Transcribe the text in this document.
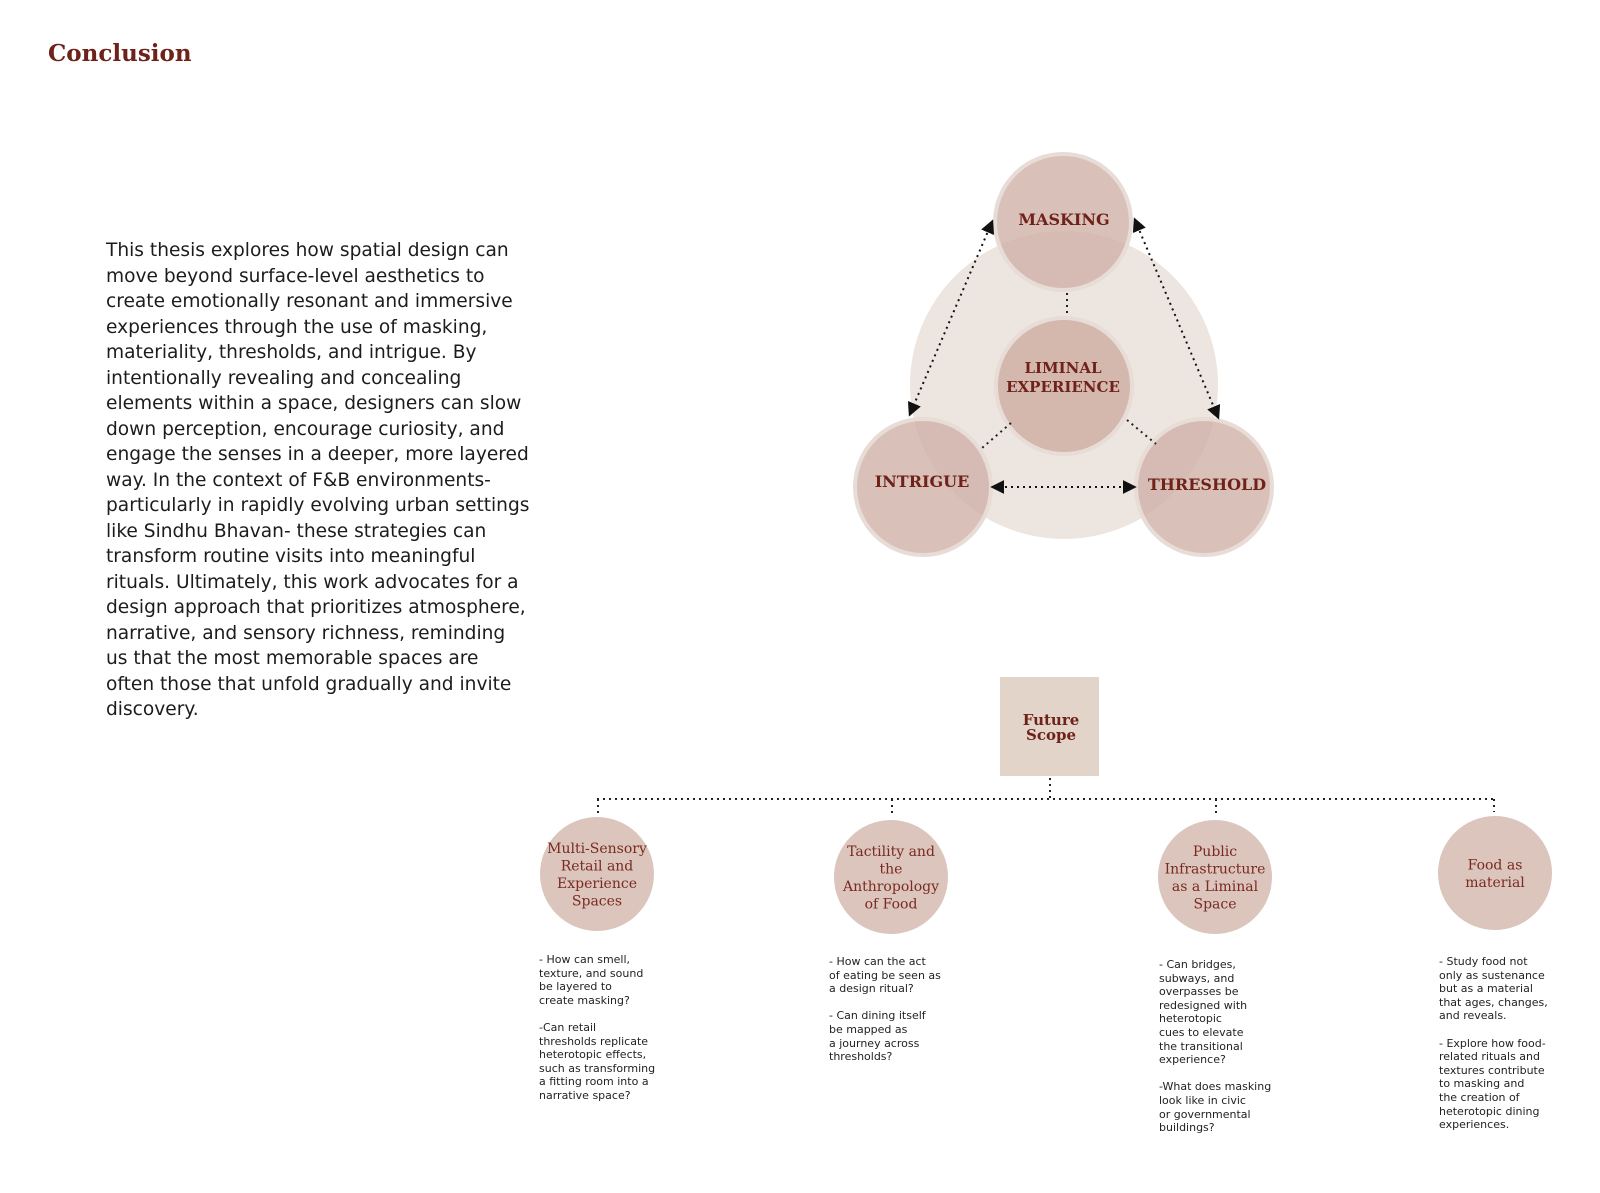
Conclusion
This thesis explores how spatial design can
move beyond surface-level aesthetics to
create emotionally resonant and immersive
experiences through the use of masking,
materiality, thresholds, and intrigue. By
intentionally revealing and concealing
elements within a space, designers can slow
down perception, encourage curiosity, and
engage the senses in a deeper, more layered
way. In the context of F&B environments-
particularly in rapidly evolving urban settings
like Sindhu Bhavan- these strategies can
transform routine visits into meaningful
rituals. Ultimately, this work advocates for a
design approach that prioritizes atmosphere,
narrative, and sensory richness, reminding
us that the most memorable spaces are
often those that unfold gradually and invite
discovery.
MASKING
INTRIGUE	THRESHOLD
LIMINAL
EXPERIENCE
Future
Scope
Multi-Sensory
Retail and
Experience
Spaces
Tactility and
the
Anthropology
of Food
Public
Infrastructure
as a Liminal
Space
Food as
material
- How can smell,
texture, and sound
be layered to
create masking?
-Can retail
thresholds replicate
heterotopic effects,
such as transforming
a fitting room into a
narrative space?
- How can the act
of eating be seen as
a design ritual?
- Can dining itself
be mapped as
a journey across
thresholds?
- Can bridges,
subways, and
overpasses be
redesigned with
heterotopic
cues to elevate
the transitional
experience?
-What does masking
look like in civic
or governmental
buildings?
- Study food not
only as sustenance
but as a material
that ages, changes,
and reveals.
- Explore how food-
related rituals and
textures contribute
to masking and
the creation of
heterotopic dining
experiences.
